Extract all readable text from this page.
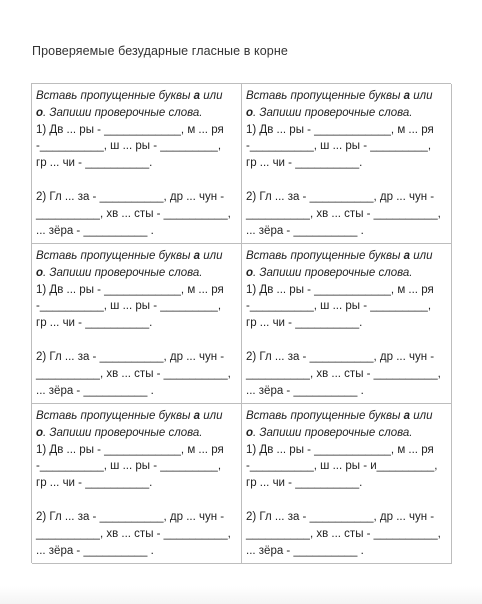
Проверяемые безударные гласные в корне
Вставь пропущенные буквы а или
о. Запиши проверочные слова.
1) Дв ... ры - ____________, м ... ря
-__________, ш ... ры - _________,
гр ... чи - __________.
2) Гл ... за - __________, др ... чун -
__________, хв ... сты - __________,
... зёра - __________ .
Вставь пропущенные буквы а или
о. Запиши проверочные слова.
1) Дв ... ры - ____________, м ... ря
-__________, ш ... ры - _________,
гр ... чи - __________.
2) Гл ... за - __________, др ... чун -
__________, хв ... сты - __________,
... зёра - __________ .
Вставь пропущенные буквы а или
о. Запиши проверочные слова.
1) Дв ... ры - ____________, м ... ря
-__________, ш ... ры - _________,
гр ... чи - __________.
2) Гл ... за - __________, др ... чун -
__________, хв ... сты - __________,
... зёра - __________ .
Вставь пропущенные буквы а или
о. Запиши проверочные слова.
1) Дв ... ры - ____________, м ... ря
-__________, ш ... ры - _________,
гр ... чи - __________.
2) Гл ... за - __________, др ... чун -
__________, хв ... сты - __________,
... зёра - __________ .
Вставь пропущенные буквы а или
о. Запиши проверочные слова.
1) Дв ... ры - ____________, м ... ря
-__________, ш ... ры - _________,
гр ... чи - __________.
2) Гл ... за - __________, др ... чун -
__________, хв ... сты - __________,
... зёра - __________ .
Вставь пропущенные буквы а или
о. Запиши проверочные слова.
1) Дв ... ры - ____________, м ... ря
-__________, ш ... ры - и_________,
гр ... чи - __________.
2) Гл ... за - __________, др ... чун -
__________, хв ... сты - __________,
... зёра - __________ .
